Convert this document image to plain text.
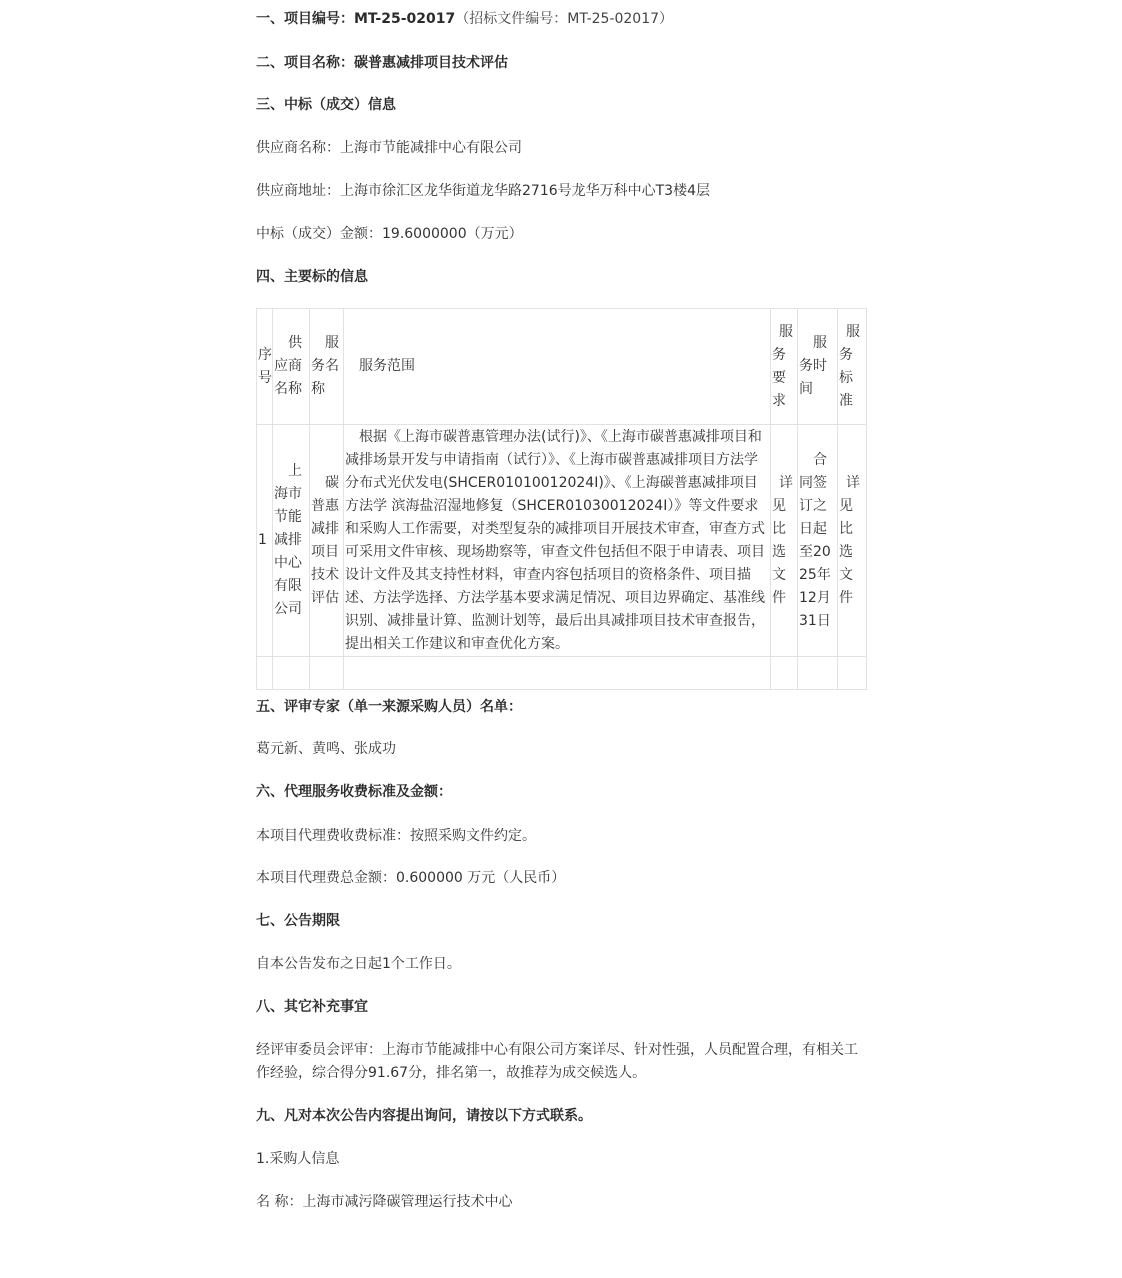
一、项目编号：MT-25-02017（招标文件编号：MT-25-02017）
二、项目名称：碳普惠减排项目技术评估
三、中标（成交）信息
供应商名称：上海市节能减排中心有限公司
供应商地址：上海市徐汇区龙华街道龙华路2716号龙华万科中心T3楼4层
中标（成交）金额：19.6000000（万元）
四、主要标的信息
序号	供应商名称	服务名称	服务范围	服务要求	服务时间	服务标准
1	上海市节能减排中心有限公司	碳普惠减排项目技术评估	根据《上海市碳普惠管理办法(试行)》、《上海市碳普惠减排项目和减排场景开发与申请指南（试行）》、《上海市碳普惠减排项目方法学 分布式光伏发电(SHCER01010012024I)》、《上海碳普惠减排项目方法学 滨海盐沼湿地修复（SHCER01030012024I）》等文件要求和采购人工作需要，对类型复杂的减排项目开展技术审查，审查方式可采用文件审核、现场勘察等，审查文件包括但不限于申请表、项目设计文件及其支持性材料，审查内容包括项目的资格条件、项目描述、方法学选择、方法学基本要求满足情况、项目边界确定、基准线识别、减排量计算、监测计划等，最后出具减排项目技术审查报告，提出相关工作建议和审查优化方案。	详见比选文件	合同签订之日起至2025年12月31日	详见比选文件

五、评审专家（单一来源采购人员）名单：
葛元新、黄鸣、张成功
六、代理服务收费标准及金额：
本项目代理费收费标准：按照采购文件约定。
本项目代理费总金额：0.600000 万元（人民币）
七、公告期限
自本公告发布之日起1个工作日。
八、其它补充事宜
经评审委员会评审：上海市节能减排中心有限公司方案详尽、针对性强，人员配置合理，有相关工作经验，综合得分91.67分，排名第一，故推荐为成交候选人。
九、凡对本次公告内容提出询问，请按以下方式联系。
1.采购人信息
名 称：上海市减污降碳管理运行技术中心
